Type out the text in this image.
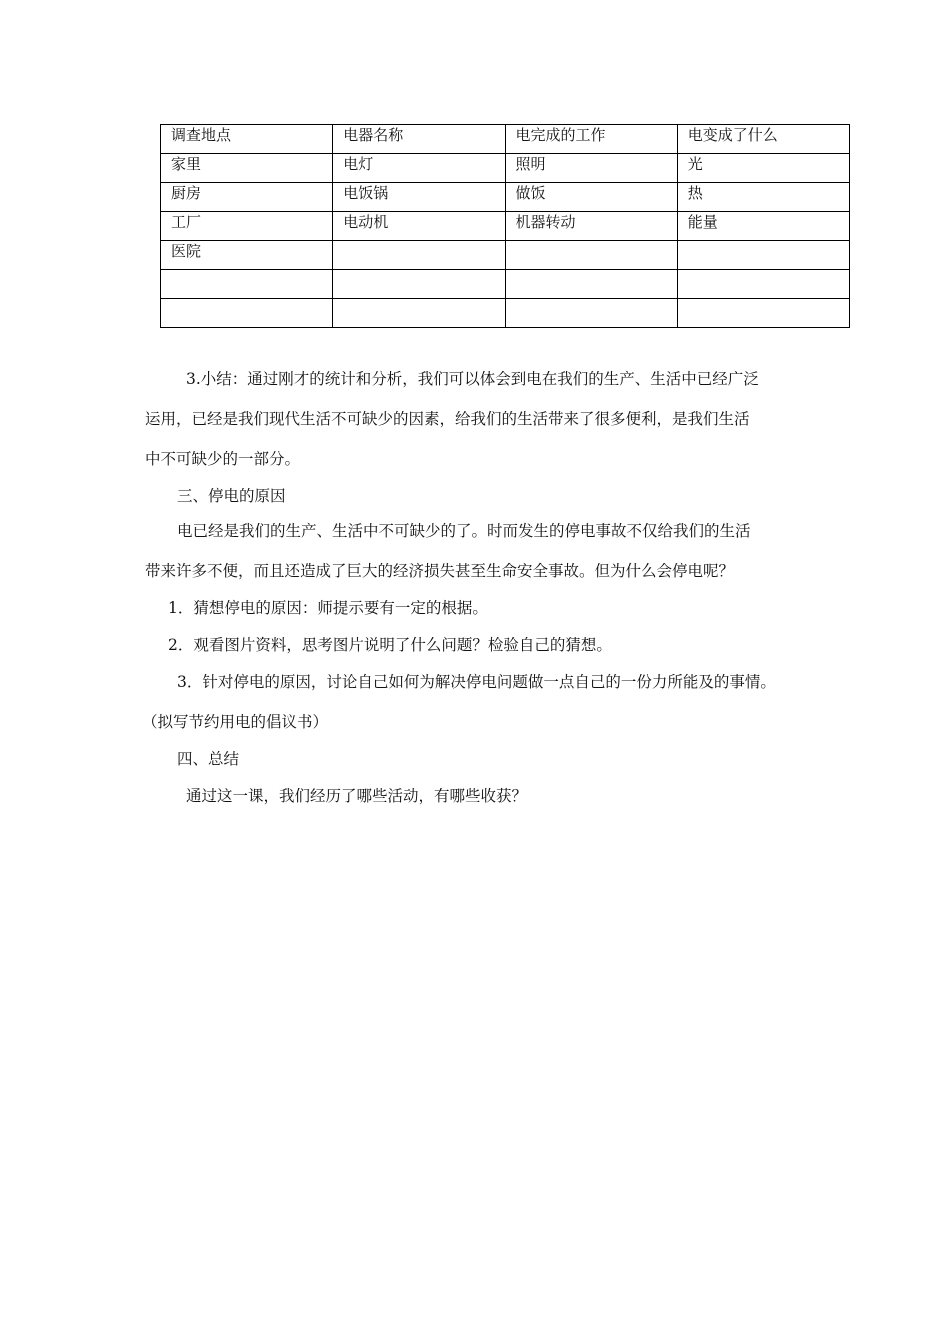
调查地点	电器名称	电完成的工作	电变成了什么
家里	电灯	照明	光
厨房	电饭锅	做饭	热
工厂	电动机	机器转动	能量
医院			

3.小结：通过刚才的统计和分析，我们可以体会到电在我们的生产、生活中已经广泛

运用，已经是我们现代生活不可缺少的因素，给我们的生活带来了很多便利，是我们生活

中不可缺少的一部分。

三、停电的原因

电已经是我们的生产、生活中不可缺少的了。时而发生的停电事故不仅给我们的生活

带来许多不便，而且还造成了巨大的经济损失甚至生命安全事故。但为什么会停电呢？

1．猜想停电的原因：师提示要有一定的根据。

2．观看图片资料，思考图片说明了什么问题？检验自己的猜想。

3．针对停电的原因，讨论自己如何为解决停电问题做一点自己的一份力所能及的事情。

（拟写节约用电的倡议书）

四、总结

通过这一课，我们经历了哪些活动，有哪些收获？
